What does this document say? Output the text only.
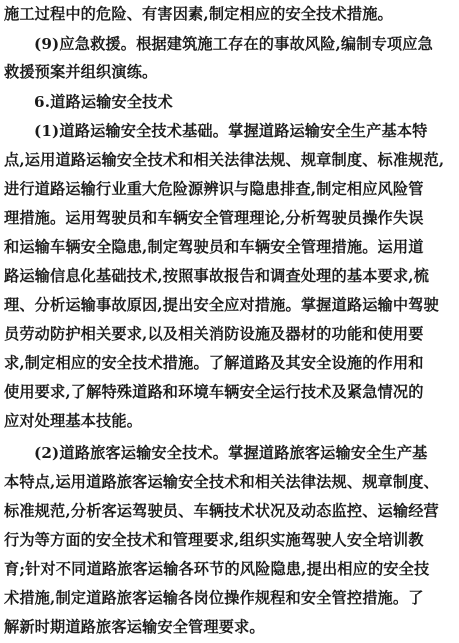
施工过程中的危险、有害因素,制定相应的安全技术措施。
(9)应急救援。根据建筑施工存在的事故风险,编制专项应急
救援预案并组织演练。
6.道路运输安全技术
(1)道路运输安全技术基础。掌握道路运输安全生产基本特
点,运用道路运输安全技术和相关法律法规、规章制度、标准规范,
进行道路运输行业重大危险源辨识与隐患排查,制定相应风险管
理措施。运用驾驶员和车辆安全管理理论,分析驾驶员操作失误
和运输车辆安全隐患,制定驾驶员和车辆安全管理措施。运用道
路运输信息化基础技术,按照事故报告和调查处理的基本要求,梳
理、分析运输事故原因,提出安全应对措施。掌握道路运输中驾驶
员劳动防护相关要求,以及相关消防设施及器材的功能和使用要
求,制定相应的安全技术措施。了解道路及其安全设施的作用和
使用要求,了解特殊道路和环境车辆安全运行技术及紧急情况的
应对处理基本技能。
(2)道路旅客运输安全技术。掌握道路旅客运输安全生产基
本特点,运用道路旅客运输安全技术和相关法律法规、规章制度、
标准规范,分析客运驾驶员、车辆技术状况及动态监控、运输经营
行为等方面的安全技术和管理要求,组织实施驾驶人安全培训教
育;针对不同道路旅客运输各环节的风险隐患,提出相应的安全技
术措施,制定道路旅客运输各岗位操作规程和安全管控措施。了
解新时期道路旅客运输安全管理要求。
